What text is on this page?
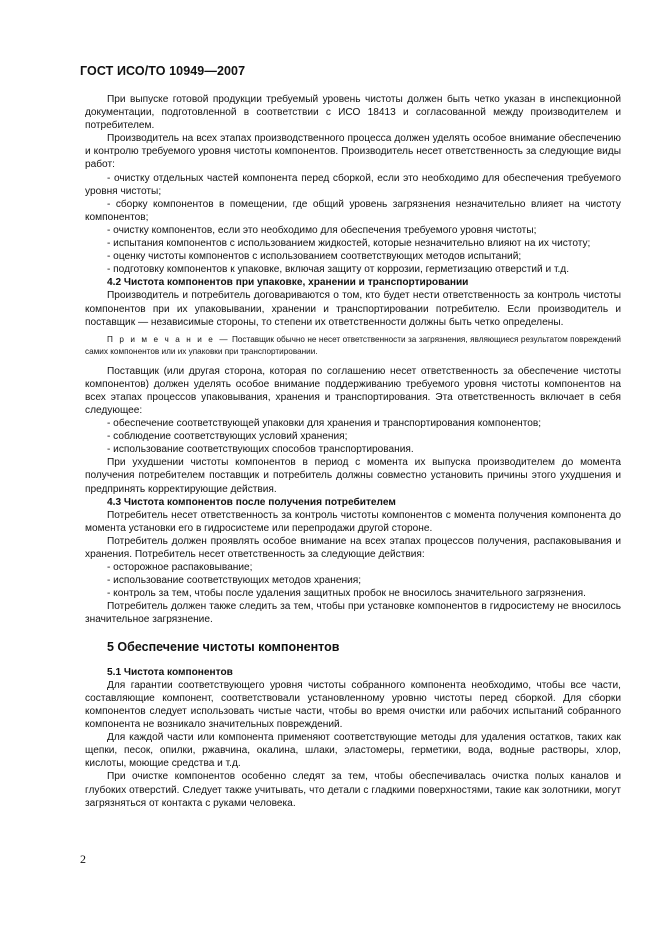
ГОСТ ИСО/ТО 10949—2007

При выпуске готовой продукции требуемый уровень чистоты должен быть четко указан в инспекционной документации, подготовленной в соответствии с ИСО 18413 и согласованной между производителем и потребителем.

Производитель на всех этапах производственного процесса должен уделять особое внимание обеспечению и контролю требуемого уровня чистоты компонентов. Производитель несет ответственность за следующие виды работ:

- очистку отдельных частей компонента перед сборкой, если это необходимо для обеспечения требуемого уровня чистоты;

- сборку компонентов в помещении, где общий уровень загрязнения незначительно влияет на чистоту компонентов;

- очистку компонентов, если это необходимо для обеспечения требуемого уровня чистоты;

- испытания компонентов с использованием жидкостей, которые незначительно влияют на их чистоту;

- оценку чистоты компонентов с использованием соответствующих методов испытаний;

- подготовку компонентов к упаковке, включая защиту от коррозии, герметизацию отверстий и т.д.

4.2 Чистота компонентов при упаковке, хранении и транспортировании

Производитель и потребитель договариваются о том, кто будет нести ответственность за контроль чистоты компонентов при их упаковывании, хранении и транспортировании потребителю. Если производитель и поставщик — независимые стороны, то степени их ответственности должны быть четко определены.

П р и м е ч а н и е — Поставщик обычно не несет ответственности за загрязнения, являющиеся результатом повреждений самих компонентов или их упаковки при транспортировании.

Поставщик (или другая сторона, которая по соглашению несет ответственность за обеспечение чистоты компонентов) должен уделять особое внимание поддерживанию требуемого уровня чистоты компонентов на всех этапах процессов упаковывания, хранения и транспортирования. Эта ответственность включает в себя следующее:

- обеспечение соответствующей упаковки для хранения и транспортирования компонентов;

- соблюдение соответствующих условий хранения;

- использование соответствующих способов транспортирования.

При ухудшении чистоты компонентов в период с момента их выпуска производителем до момента получения потребителем поставщик и потребитель должны совместно установить причины этого ухудшения и предпринять корректирующие действия.

4.3 Чистота компонентов после получения потребителем

Потребитель несет ответственность за контроль чистоты компонентов с момента получения компонента до момента установки его в гидросистеме или перепродажи другой стороне.

Потребитель должен проявлять особое внимание на всех этапах процессов получения, распаковывания и хранения. Потребитель несет ответственность за следующие действия:

- осторожное распаковывание;

- использование соответствующих методов хранения;

- контроль за тем, чтобы после удаления защитных пробок не вносилось значительного загрязнения.

Потребитель должен также следить за тем, чтобы при установке компонентов в гидросистему не вносилось значительное загрязнение.

5 Обеспечение чистоты компонентов

5.1 Чистота компонентов

Для гарантии соответствующего уровня чистоты собранного компонента необходимо, чтобы все части, составляющие компонент, соответствовали установленному уровню чистоты перед сборкой. Для сборки компонентов следует использовать чистые части, чтобы во время очистки или рабочих испытаний собранного компонента не возникало значительных повреждений.

Для каждой части или компонента применяют соответствующие методы для удаления остатков, таких как щепки, песок, опилки, ржавчина, окалина, шлаки, эластомеры, герметики, вода, водные растворы, хлор, кислоты, моющие средства и т.д.

При очистке компонентов особенно следят за тем, чтобы обеспечивалась очистка полых каналов и глубоких отверстий. Следует также учитывать, что детали с гладкими поверхностями, такие как золотники, могут загрязняться от контакта с руками человека.

2
